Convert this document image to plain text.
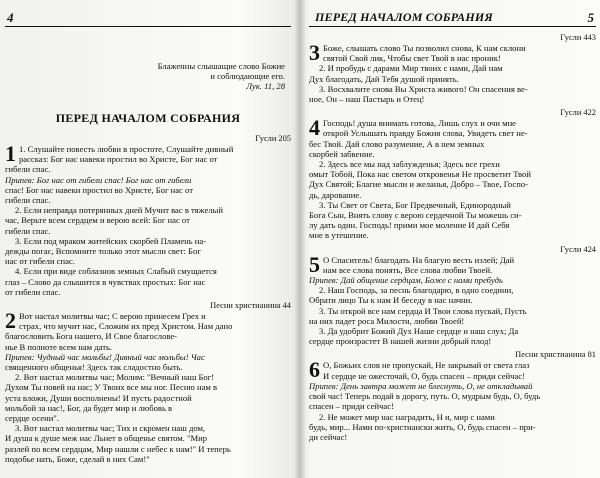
4
Блаженны слышащие слово Божие
и соблюдающие его.
Лук. 11, 28
ПЕРЕД НАЧАЛОМ СОБРАНИЯ
Гусли 205
1 1. Слушайте повесть любви в простоте, Слушайте дивный
рассказ: Бог нас навеки простил во Христе, Бог нас от
гибели спас.
Припев: Бог нас от гибели спас! Бог нас от гибели
спас! Бог нас навеки простил во Христе, Бог нас от
гибели спас.
2. Если неправда потерянных дней Мучит вас в тяжелый
час, Верьте всем сердцем и верою всей: Бог нас от
гибели спас.
3. Если под мраком житейских скорбей Пламень на-
дежды погас, Вспомните только этот мысли свет: Бог
нас от гибели спас.
4. Если при виде соблазнов земных Слабый смущается
глаз – Слово да слышится в чувствах простых: Бог нас
от гибели спас.
Песни христианина 44
2 Вот настал молитвы час; С верою принесем Грех и
страх, что мучит нас, Сложим их пред Христом. Нам дано
благословить Бога нашего, И Свое благослове-
нье В полноте всем нам дать.
Припев: Чудный час мольбы! Дивный час мольбы! Час
священного общенья! Здесь так сладостно быть.
2. Вот настал молитвы час; Молим: "Вечный наш Бог!
Духом Ты повей на нас; У Твоих все мы ног. Песню нам в
уста вложи, Души восполнены! И пусть радостной
мольбой за нас!, Бог, да будет мир и любовь в
сердце осени".
3. Вот настал молитвы час; Тих и скромен наш дом,
И душа к душе меж нас Льнет в общенье святом. "Мир
разлей по всем сердцам, Мир нашли с небес к нам!" И теперь
подобье нать, Боже, сделай в них Сам!"
ПЕРЕД НАЧАЛОМ СОБРАНИЯ	5
Гусли 443
3 Боже, слышать слово Ты позволил снова, К нам склони
святой Свой лик, Чтобы свет Твой в нас проник!
2. И пробудь с дарами Мир твоих с нами, Дай нам
Дух благодать, Дай Тебя душой принять.
3. Восхвалите снова Вы Христа живого! Он спасения ве-
ное, Он – наш Пастырь и Отец!
Гусли 422
4 Господь! душа внимать готова, Лишь слух и очи мне
открой Услышать правду Божия слова, Увидеть свет не-
бес Твой. Дай слово разумение, А в нем земных
скорбей забвение.
2. Здесь все мы над заблужденья; Здесь все грехи
омыт Тобой, Пока нас светом откровенья Не просветит Твой
Дух Святой; Благие мысли и желанья, Добро – Твое, Госпо-
дь, дарование.
3. Ты Свет от Света, Бог Предвечный, Единородный
Бога Сын, Внять слову с верою сердечной Ты можешь си-
лу дать один. Господь! прими мое моление И дай Себя
мне в утешение.
Гусли 424
5 О Спаситель! благодать На благую весть излей; Дай
нам все слова понять, Все слова любви Твоей.
Припев: Дай общение сердцам, Боже с нами пребудь
2. Наш Господь, за песнь благодарю, в одно соедини,
Обрати лицо Ты к нам И беседу в нас начни.
3. Ты открой все нам сердца И Твои слова пускай, Пусть
на них падет роса Милости, любви Твоей!
3. Да удобрит Божий Дух Наше сердце и наш слух; Да
сердце произрастет В нашей жизни добрый плод!
Песни христианина 81
6 О, Божьих слов не пропускай, Не закрывай от света глаз
И сердце не ожесточай, О, будь спасен – приди сейчас!
Припев: День завтра может не блеснуть, О, не откладывай
свой час! Теперь подай в дорогу, путь. О, мудрым будь, О, будь
спасен – приди сейчас!
2. Не может мир нас наградить, Н и, мир с нами
будь, мир... Нами по-христиански жить, О, будь спасен – при-
ди сейчас!
